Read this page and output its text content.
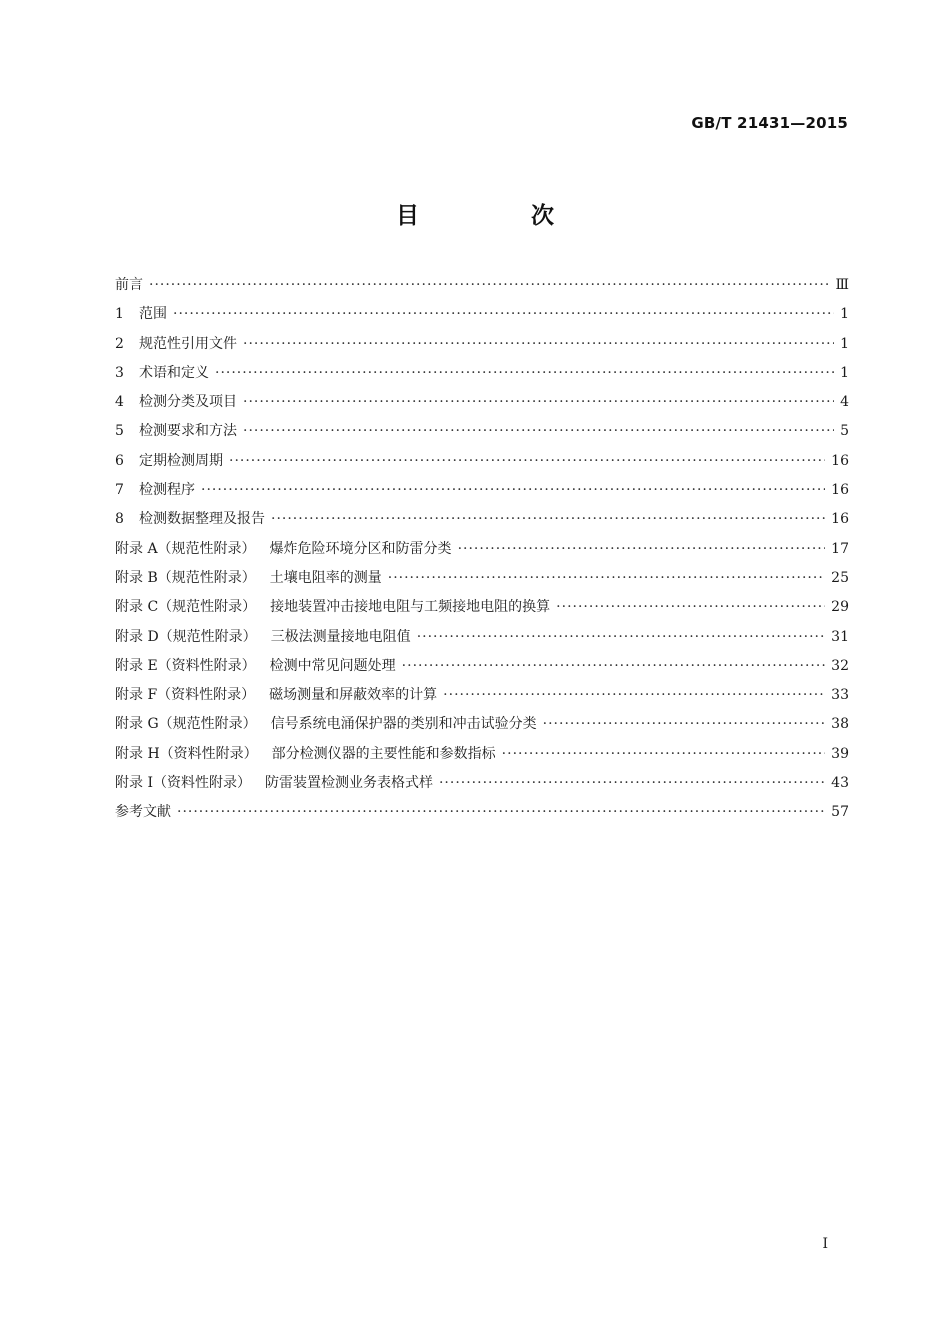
GB/T 21431—2015
目 次
前言 ·····	Ⅲ
1	范围 ·····	1
2	规范性引用文件 ·····	1
3	术语和定义 ·····	1
4	检测分类及项目 ·····	4
5	检测要求和方法 ·····	5
6	定期检测周期 ·····	16
7	检测程序 ·····	16
8	检测数据整理及报告 ·····	16
附录 A（规范性附录） 爆炸危险环境分区和防雷分类 ·····	17
附录 B（规范性附录） 土壤电阻率的测量 ·····	25
附录 C（规范性附录） 接地装置冲击接地电阻与工频接地电阻的换算 ·····	29
附录 D（规范性附录） 三极法测量接地电阻值 ·····	31
附录 E（资料性附录） 检测中常见问题处理 ·····	32
附录 F（资料性附录） 磁场测量和屏蔽效率的计算 ·····	33
附录 G（规范性附录） 信号系统电涌保护器的类别和冲击试验分类 ·····	38
附录 H（资料性附录） 部分检测仪器的主要性能和参数指标 ·····	39
附录 I（资料性附录） 防雷装置检测业务表格式样 ·····	43
参考文献 ·····	57
I
